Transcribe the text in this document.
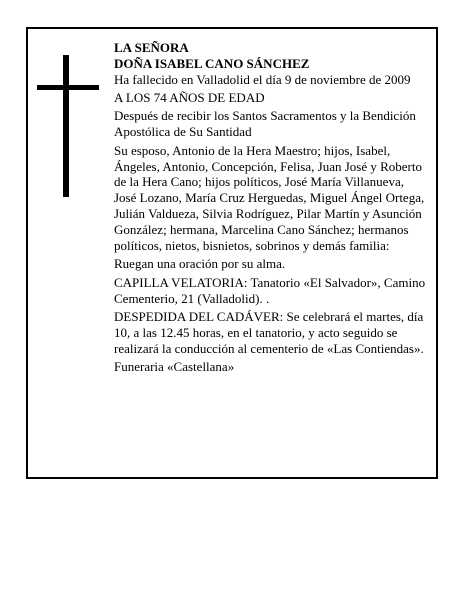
LA SEÑORA

DOÑA ISABEL CANO SÁNCHEZ

Ha fallecido en Valladolid el día 9 de noviembre de 2009

A LOS 74 AÑOS DE EDAD

Después de recibir los Santos Sacramentos y la Bendición Apostólica de Su Santidad

Su esposo, Antonio de la Hera Maestro; hijos, Isabel, Ángeles, Antonio, Concepción, Felisa, Juan José y Roberto de la Hera Cano; hijos políticos, José María Villanueva, José Lozano, María Cruz Herguedas, Miguel Ángel Ortega, Julián Valdueza, Silvia Rodríguez, Pilar Martín y Asunción González; hermana, Marcelina Cano Sánchez; hermanos políticos, nietos, bisnietos, sobrinos y demás familia:

Ruegan una oración por su alma.

CAPILLA VELATORIA: Tanatorio «El Salvador», Camino Cementerio, 21 (Valladolid). .

DESPEDIDA DEL CADÁVER: Se celebrará el martes, día 10, a las 12.45 horas, en el tanatorio, y acto seguido se realizará la conducción al cementerio de «Las Contiendas».

Funeraria «Castellana»
